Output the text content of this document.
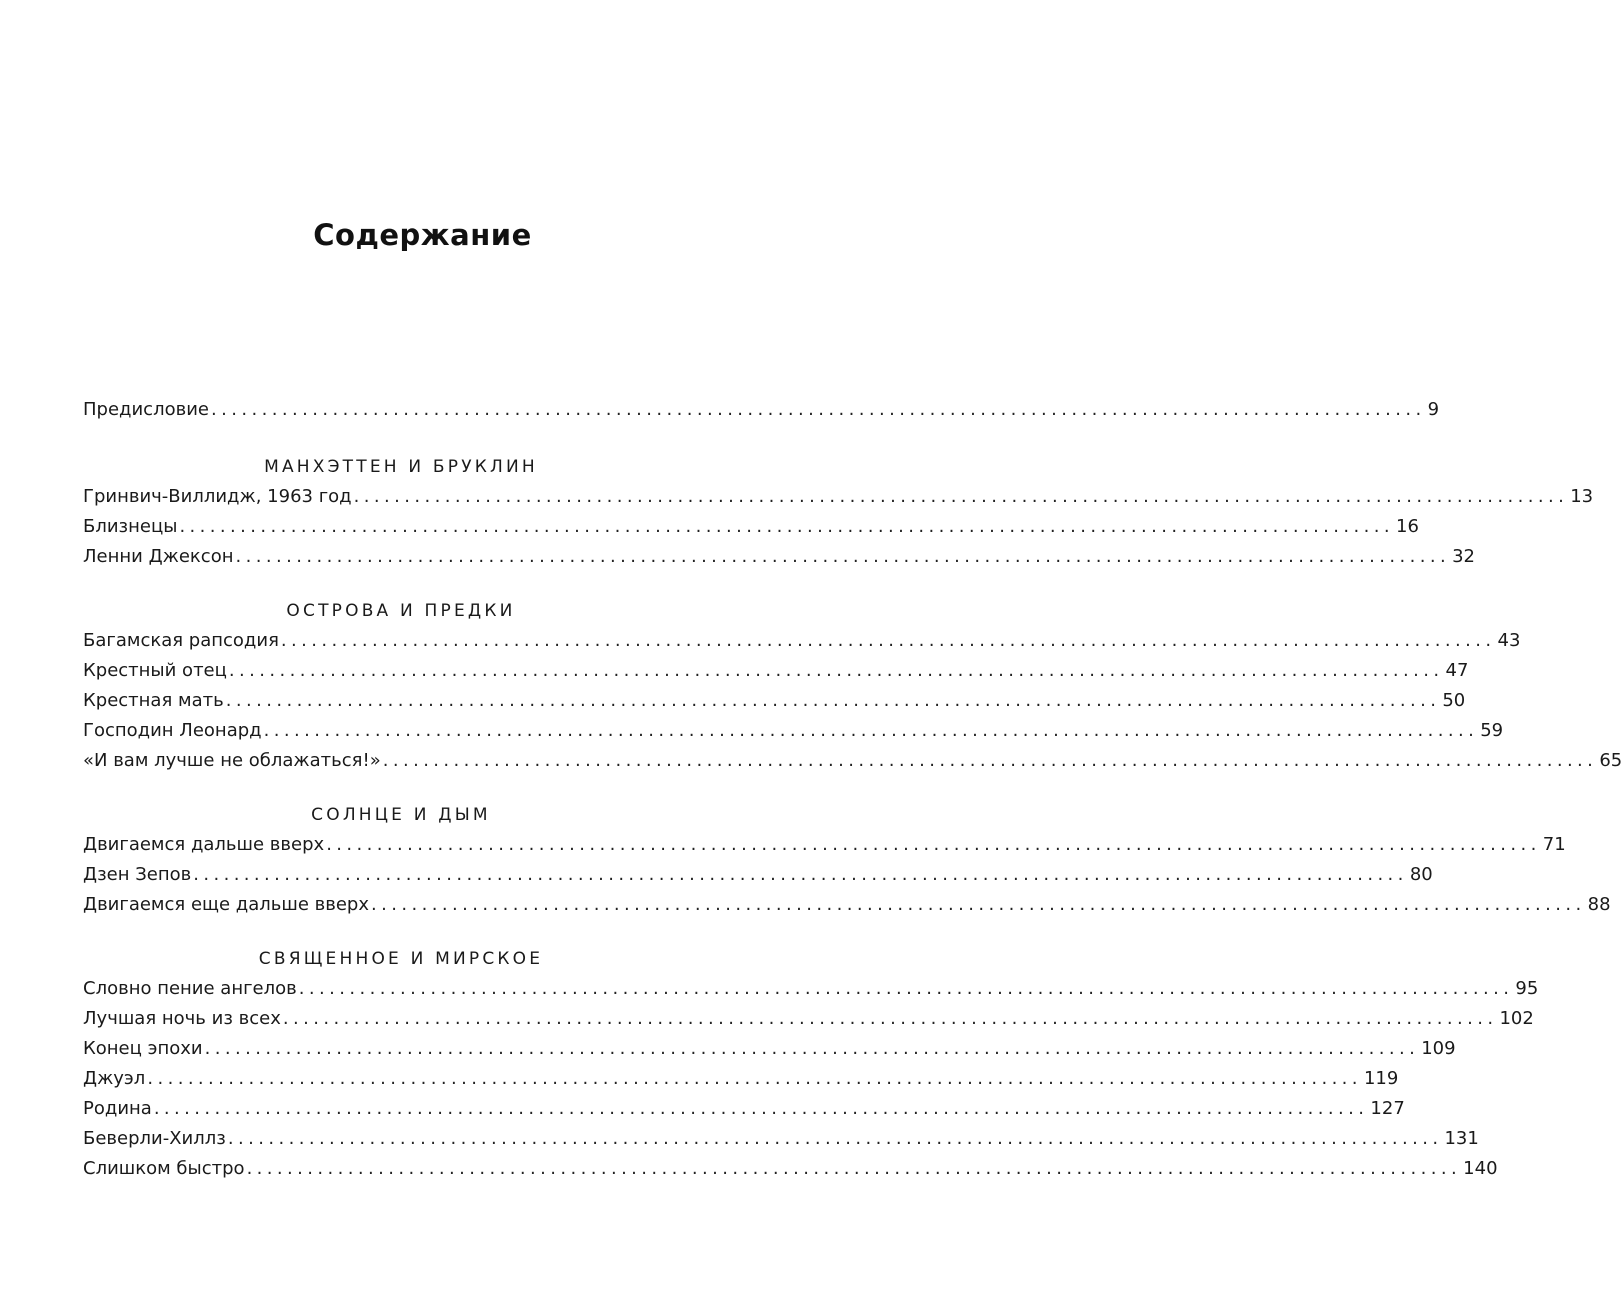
Содержание
Предисловие ........................................................................................................................ 9
МАНХЭТТЕН И БРУКЛИН
Гринвич-Виллидж, 1963 год ........................................................................................................................ 13
Близнецы ........................................................................................................................ 16
Ленни Джексон ........................................................................................................................ 32
ОСТРОВА И ПРЕДКИ
Багамская рапсодия ........................................................................................................................ 43
Крестный отец ........................................................................................................................ 47
Крестная мать ........................................................................................................................ 50
Господин Леонард ........................................................................................................................ 59
«И вам лучше не облажаться!» ........................................................................................................................ 65
СОЛНЦЕ И ДЫМ
Двигаемся дальше вверх ........................................................................................................................ 71
Дзен Зепов ........................................................................................................................ 80
Двигаемся еще дальше вверх ........................................................................................................................ 88
СВЯЩЕННОЕ И МИРСКОЕ
Словно пение ангелов ........................................................................................................................ 95
Лучшая ночь из всех ........................................................................................................................ 102
Конец эпохи ........................................................................................................................ 109
Джуэл ........................................................................................................................ 119
Родина ........................................................................................................................ 127
Беверли-Хиллз ........................................................................................................................ 131
Слишком быстро ........................................................................................................................ 140
